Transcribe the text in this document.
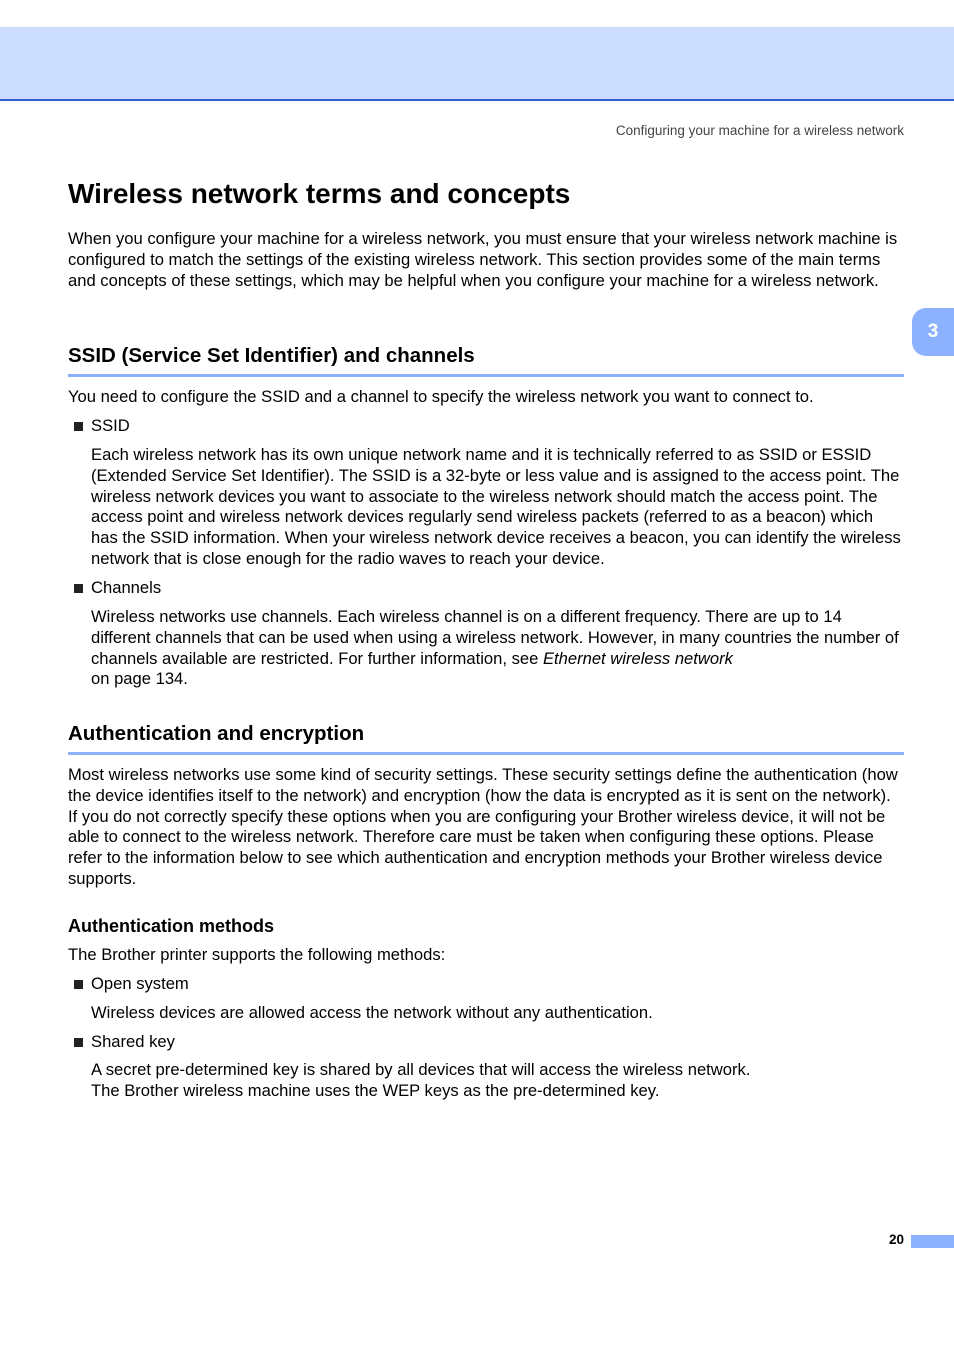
Configuring your machine for a wireless network
3
Wireless network terms and concepts

When you configure your machine for a wireless network, you must ensure that your wireless network machine is configured to match the settings of the existing wireless network. This section provides some of the main terms and concepts of these settings, which may be helpful when you configure your machine for a wireless network.

SSID (Service Set Identifier) and channels

You need to configure the SSID and a channel to specify the wireless network you want to connect to.

SSID

Each wireless network has its own unique network name and it is technically referred to as SSID or ESSID (Extended Service Set Identifier). The SSID is a 32-byte or less value and is assigned to the access point. The wireless network devices you want to associate to the wireless network should match the access point. The access point and wireless network devices regularly send wireless packets (referred to as a beacon) which has the SSID information. When your wireless network device receives a beacon, you can identify the wireless network that is close enough for the radio waves to reach your device.

Channels

Wireless networks use channels. Each wireless channel is on a different frequency. There are up to 14 different channels that can be used when using a wireless network. However, in many countries the number of channels available are restricted. For further information, see Ethernet wireless network
on page 134.

Authentication and encryption

Most wireless networks use some kind of security settings. These security settings define the authentication (how the device identifies itself to the network) and encryption (how the data is encrypted as it is sent on the network). If you do not correctly specify these options when you are configuring your Brother wireless device, it will not be able to connect to the wireless network. Therefore care must be taken when configuring these options. Please refer to the information below to see which authentication and encryption methods your Brother wireless device supports.

Authentication methods

The Brother printer supports the following methods:

Open system

Wireless devices are allowed access the network without any authentication.

Shared key

A secret pre-determined key is shared by all devices that will access the wireless network.
The Brother wireless machine uses the WEP keys as the pre-determined key.

20
